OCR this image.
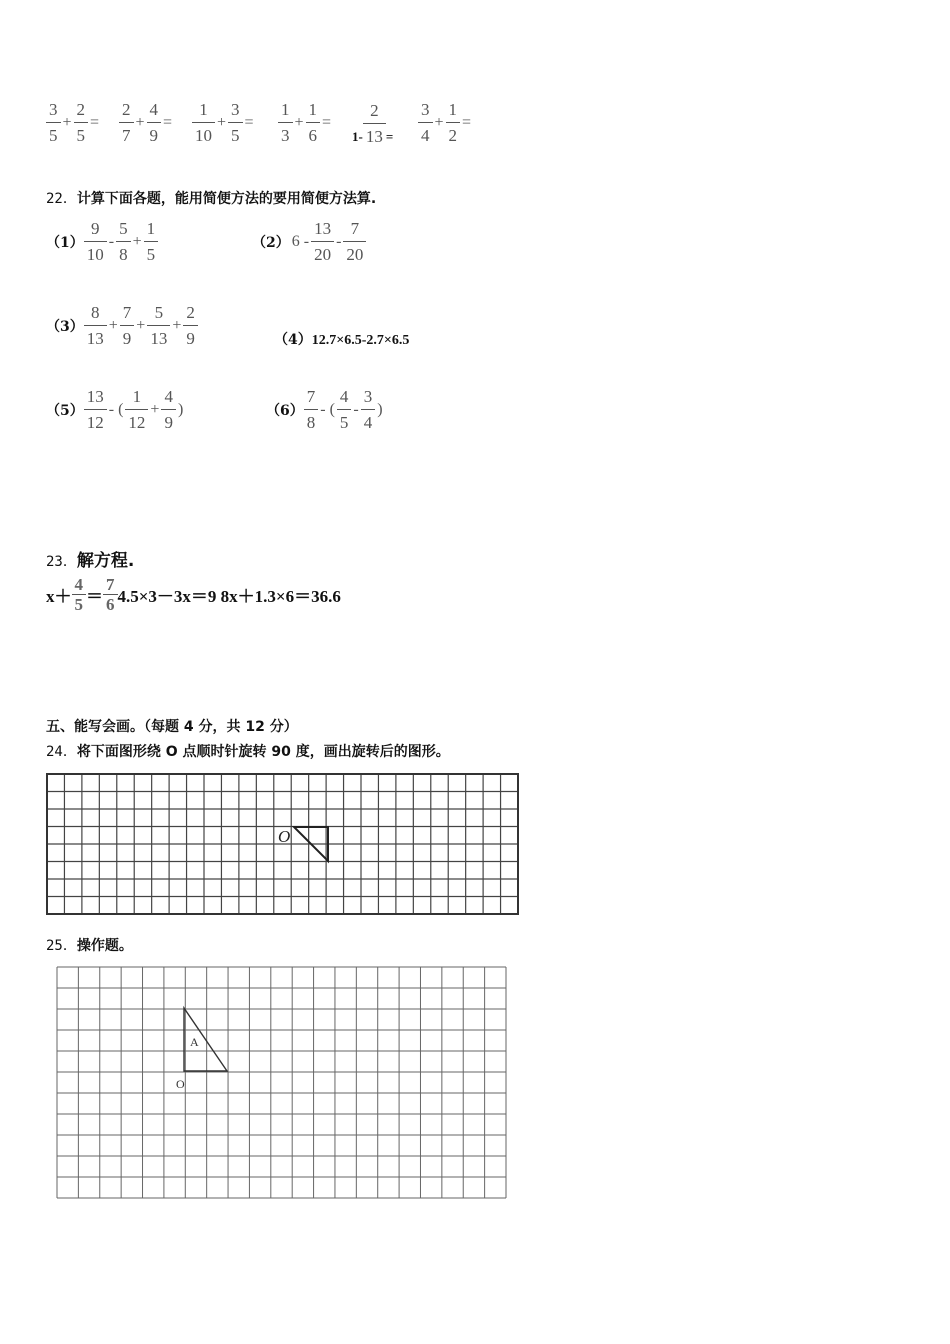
$\frac{3}{5} + \frac{2}{5} = \frac{2}{7} + \frac{4}{9} = \frac{1}{10} + \frac{3}{5} = \frac{1}{3} + \frac{1}{6}$ =
$1- \frac{2}{13} = \frac{3}{4} + \frac{1}{2}$ =
22．计算下面各题，能用简便方法的要用简便方法算.
$(1) \frac{9}{10} - \frac{5}{8} + \frac{1}{5}$	（2） $6 - \frac{13}{20} - \frac{7}{20}$
$(3) \frac{8}{13} + \frac{7}{9} + \frac{5}{13} + \frac{2}{9}$	（4）12.7×6.5-2.7×6.5
$(5) \frac{13}{12}$ - ( $\frac{1}{12} + \frac{4}{9}$ )	$(6) \frac{7}{8}$ - ( $\frac{4}{5} - \frac{3}{4}$ )
23．解方程.
$x+ \frac{4}{5} = \frac{7}{6} 4.5\times 3-3x=9$ 8x＋1.3×6＝36.6
五、能写会画。（每题 4 分，共 12 分）
24．将下面图形绕 O 点顺时针旋转 90 度，画出旋转后的图形。
O
25．操作题。
A
O
